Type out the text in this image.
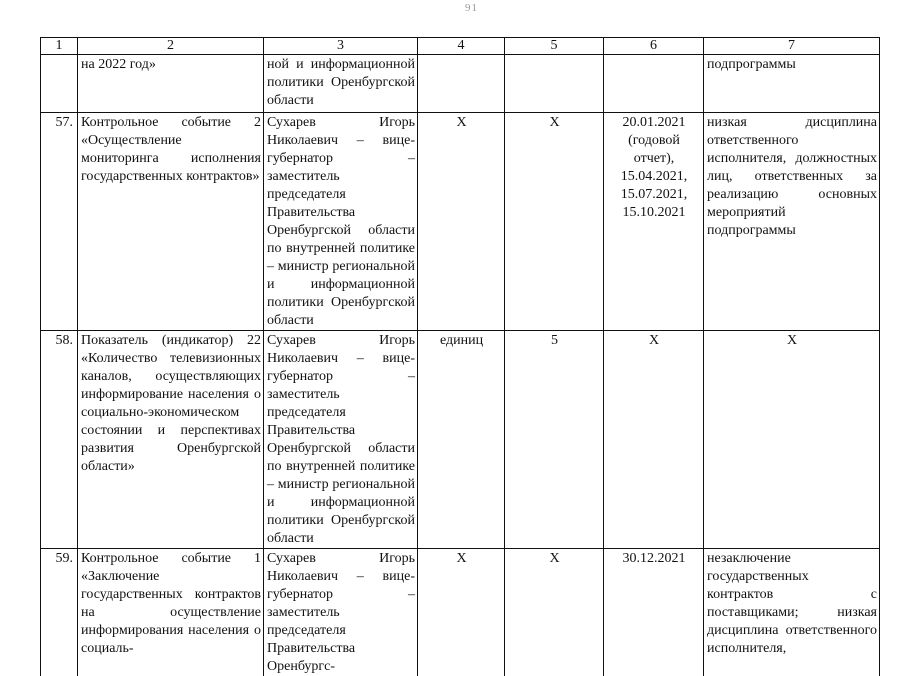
91
1	2	3	4	5	6	7
	на 2022 год»	ной и информационной политики Оренбургской области				подпрограммы
57.	Контрольное событие 2 «Осуществление мониторинга исполнения государственных контрактов»	Сухарев Игорь Николаевич – вице-губернатор – заместитель председателя Правительства Оренбургской области по внутренней политике – министр региональной и информационной политики Оренбургской области	Х	Х	20.01.2021 (годовой отчет), 15.04.2021, 15.07.2021, 15.10.2021	низкая дисциплина ответственного исполнителя, должностных лиц, ответственных за реализацию основных мероприятий подпрограммы
58.	Показатель (индикатор) 22 «Количество телевизионных каналов, осуществляющих информирование населения о социально-экономическом состоянии и перспективах развития Оренбургской области»	Сухарев Игорь Николаевич – вице-губернатор – заместитель председателя Правительства Оренбургской области по внутренней политике – министр региональной и информационной политики Оренбургской области	единиц	5	Х	Х
59.	Контрольное событие 1 «Заключение государственных контрактов на осуществление информирования населения о социаль-	Сухарев Игорь Николаевич – вице-губернатор – заместитель председателя Правительства Оренбургс-	Х	Х	30.12.2021	незаключение государственных контрактов с поставщиками; низкая дисциплина ответственного исполнителя,
